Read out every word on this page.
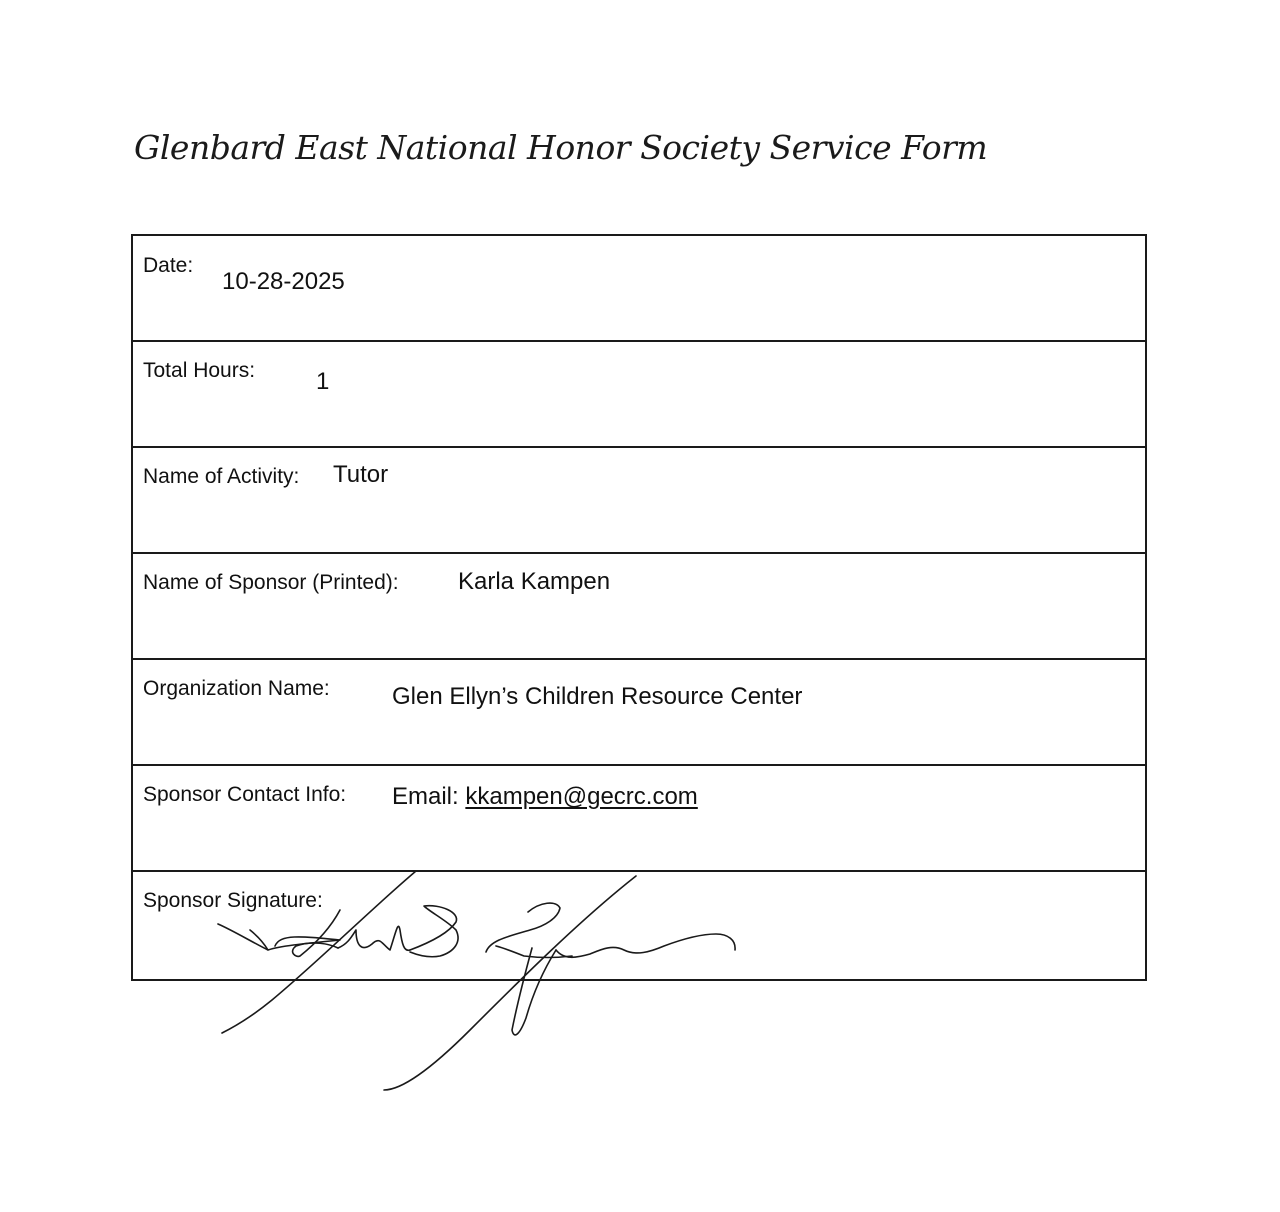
Glenbard East National Honor Society Service Form
Date:
10-28-2025
Total Hours:	1
Name of Activity: Tutor
Name of Sponsor (Printed): Karla Kampen
Organization Name:	Glen Ellyn’s Children Resource Center
Sponsor Contact Info: Email: kkampen@gecrc.com
Sponsor Signature:
